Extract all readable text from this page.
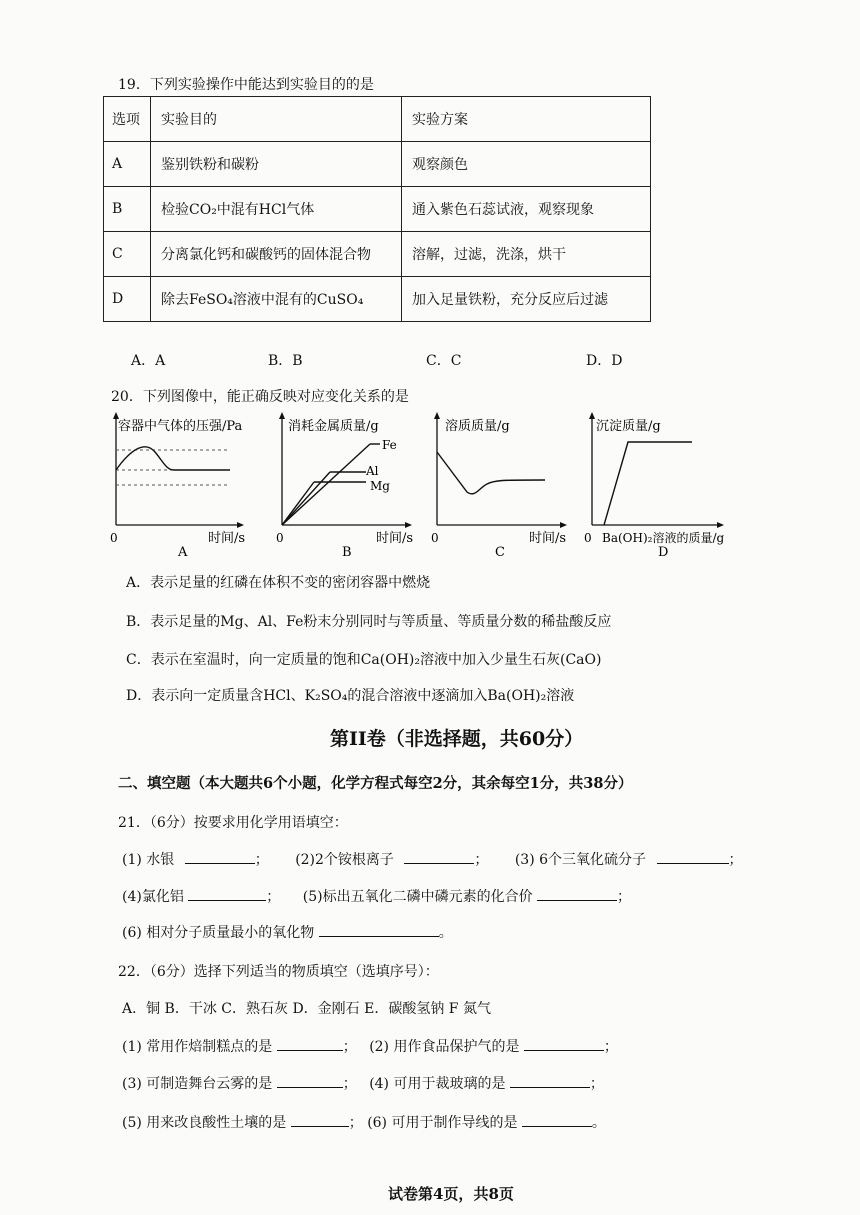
19．下列实验操作中能达到实验目的的是
选项	实验目的	实验方案
A	鉴别铁粉和碳粉	观察颜色
B	检验CO₂中混有HCl气体	通入紫色石蕊试液，观察现象
C	分离氯化钙和碳酸钙的固体混合物	溶解，过滤，洗涤，烘干
D	除去FeSO₄溶液中混有的CuSO₄	加入足量铁粉，充分反应后过滤
A．A	B．B	C．C	D．D
20．下列图像中，能正确反映对应变化关系的是
容器中气体的压强/Pa
0	时间/s
A
消耗金属质量/g
Fe
Al
Mg
0	时间/s
B
溶质质量/g
0	时间/s
C
沉淀质量/g
0 Ba(OH)₂溶液的质量/g
D
A．表示足量的红磷在体积不变的密闭容器中燃烧
B．表示足量的Mg、Al、Fe粉末分别同时与等质量、等质量分数的稀盐酸反应
C．表示在室温时，向一定质量的饱和Ca(OH)₂溶液中加入少量生石灰(CaO)
D．表示向一定质量含HCl、K₂SO₄的混合溶液中逐滴加入Ba(OH)₂溶液
第II卷（非选择题，共60分）
二、填空题（本大题共6个小题，化学方程式每空2分，其余每空1分，共38分）
21．（6分）按要求用化学用语填空：
(1) 水银	； (2)2个铵根离子	； (3) 6个三氧化硫分子	；
(4)氯化铝	； (5)标出五氧化二磷中磷元素的化合价	；
(6) 相对分子质量最小的氧化物	。
22．（6分）选择下列适当的物质填空（选填序号）：
A．铜 B．干冰 C．熟石灰 D．金刚石 E．碳酸氢钠 F 氮气
(1) 常用作焙制糕点的是	； (2) 用作食品保护气的是	；
(3) 可制造舞台云雾的是	； (4) 可用于裁玻璃的是	；
(5) 用来改良酸性土壤的是	； (6) 可用于制作导线的是	。
试卷第4页，共8页
